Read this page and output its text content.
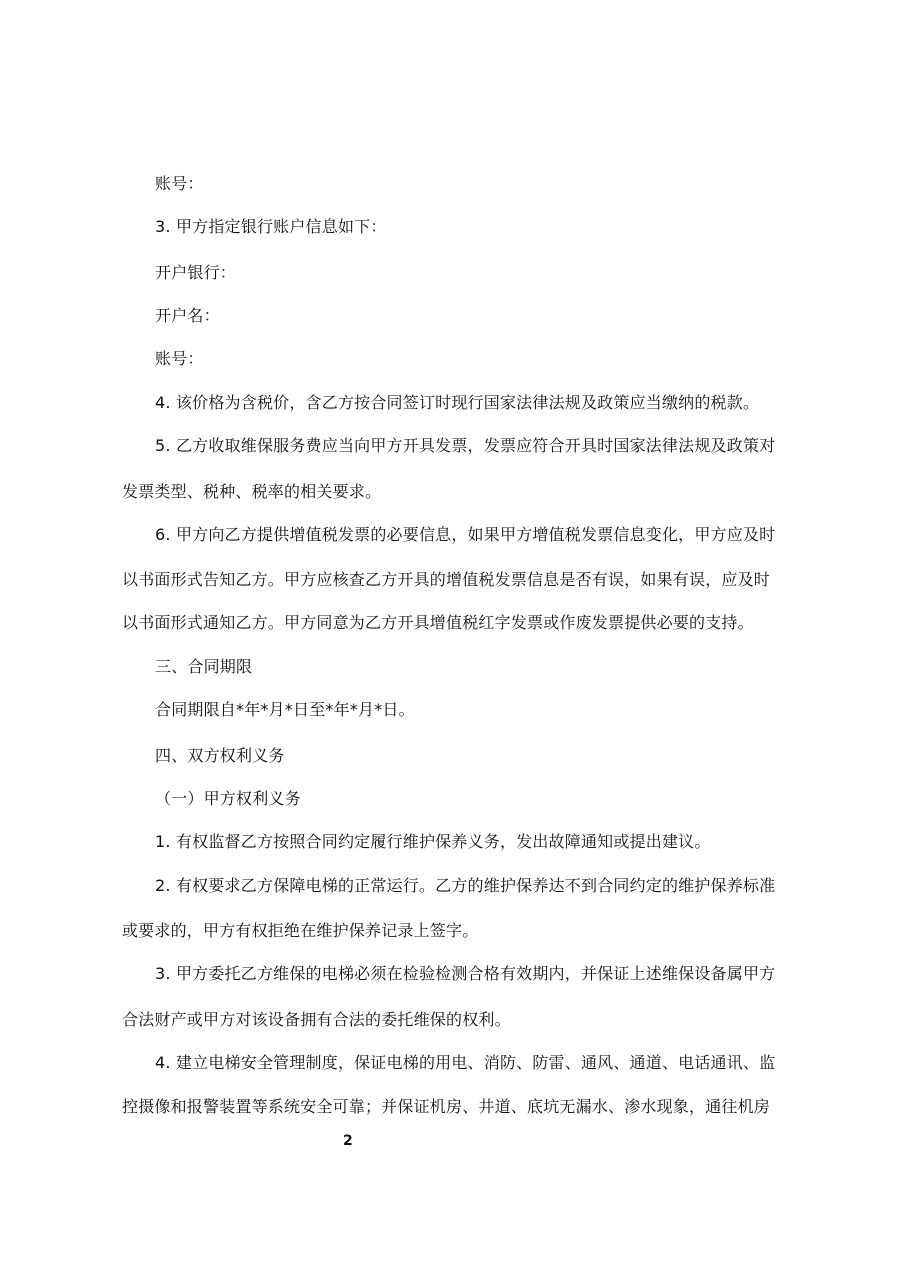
账号：
3. 甲方指定银行账户信息如下：
开户银行：
开户名：
账号：
4. 该价格为含税价，含乙方按合同签订时现行国家法律法规及政策应当缴纳的税款。
5. 乙方收取维保服务费应当向甲方开具发票，发票应符合开具时国家法律法规及政策对
发票类型、税种、税率的相关要求。
6. 甲方向乙方提供增值税发票的必要信息，如果甲方增值税发票信息变化，甲方应及时
以书面形式告知乙方。甲方应核查乙方开具的增值税发票信息是否有误，如果有误，应及时
以书面形式通知乙方。甲方同意为乙方开具增值税红字发票或作废发票提供必要的支持。
三、合同期限
合同期限自*年*月*日至*年*月*日。
四、双方权利义务
（一）甲方权利义务
1. 有权监督乙方按照合同约定履行维护保养义务，发出故障通知或提出建议。
2. 有权要求乙方保障电梯的正常运行。乙方的维护保养达不到合同约定的维护保养标准
或要求的，甲方有权拒绝在维护保养记录上签字。
3. 甲方委托乙方维保的电梯必须在检验检测合格有效期内，并保证上述维保设备属甲方
合法财产或甲方对该设备拥有合法的委托维保的权利。
4. 建立电梯安全管理制度，保证电梯的用电、消防、防雷、通风、通道、电话通讯、监
控摄像和报警装置等系统安全可靠；并保证机房、井道、底坑无漏水、渗水现象，通往机房
2
